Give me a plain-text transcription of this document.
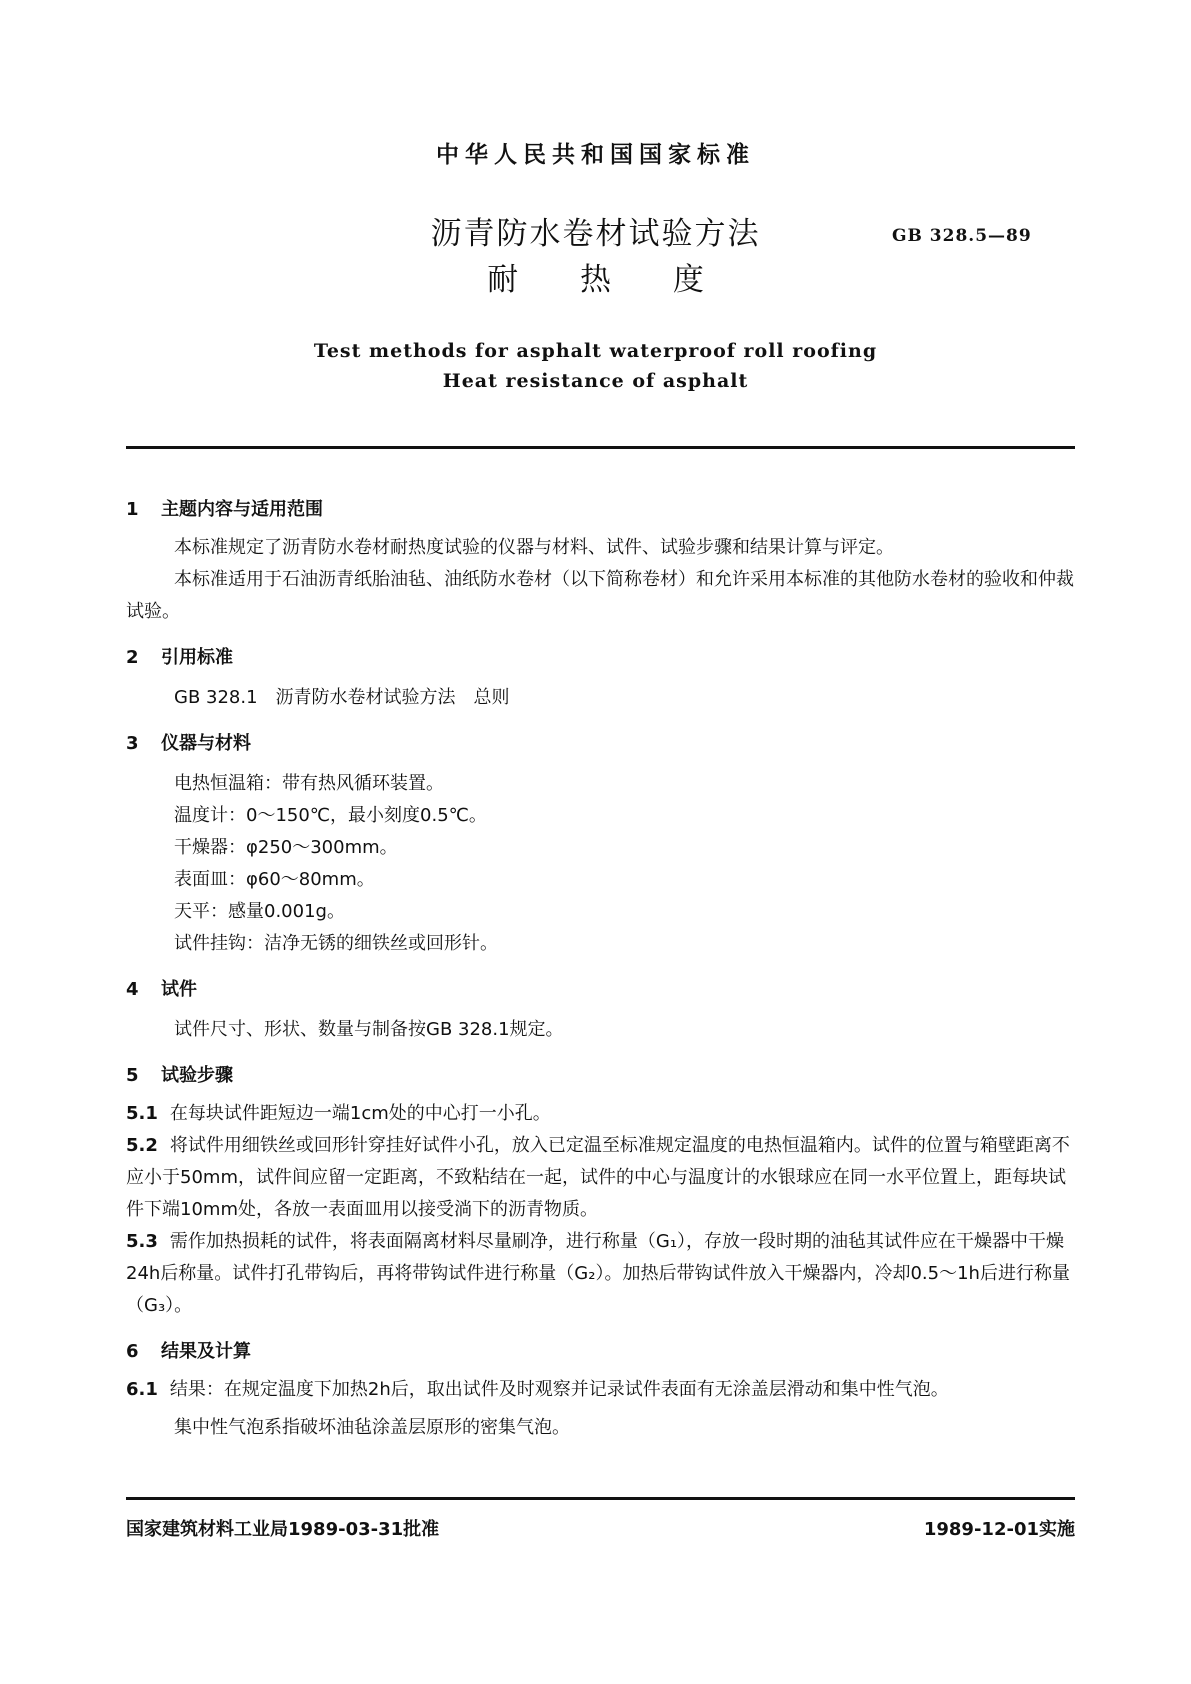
中华人民共和国国家标准
沥青防水卷材试验方法
耐 热 度
GB 328.5—89
Test methods for asphalt waterproof roll roofing
Heat resistance of asphalt
1 主题内容与适用范围
本标准规定了沥青防水卷材耐热度试验的仪器与材料、试件、试验步骤和结果计算与评定。
本标准适用于石油沥青纸胎油毡、油纸防水卷材（以下简称卷材）和允许采用本标准的其他防水卷材的验收和仲裁试验。
2 引用标准
GB 328.1　沥青防水卷材试验方法　总则
3 仪器与材料
电热恒温箱：带有热风循环装置。
温度计：0～150℃，最小刻度0.5℃。
干燥器：φ250～300mm。
表面皿：φ60～80mm。
天平：感量0.001g。
试件挂钩：洁净无锈的细铁丝或回形针。
4 试件
试件尺寸、形状、数量与制备按GB 328.1规定。
5 试验步骤
5.1 在每块试件距短边一端1cm处的中心打一小孔。
5.2 将试件用细铁丝或回形针穿挂好试件小孔，放入已定温至标准规定温度的电热恒温箱内。试件的位置与箱壁距离不应小于50mm，试件间应留一定距离，不致粘结在一起，试件的中心与温度计的水银球应在同一水平位置上，距每块试件下端10mm处，各放一表面皿用以接受淌下的沥青物质。
5.3 需作加热损耗的试件，将表面隔离材料尽量刷净，进行称量（G₁），存放一段时期的油毡其试件应在干燥器中干燥24h后称量。试件打孔带钩后，再将带钩试件进行称量（G₂）。加热后带钩试件放入干燥器内，冷却0.5～1h后进行称量（G₃）。
6 结果及计算
6.1 结果：在规定温度下加热2h后，取出试件及时观察并记录试件表面有无涂盖层滑动和集中性气泡。
集中性气泡系指破坏油毡涂盖层原形的密集气泡。
国家建筑材料工业局1989-03-31批准	1989-12-01实施
